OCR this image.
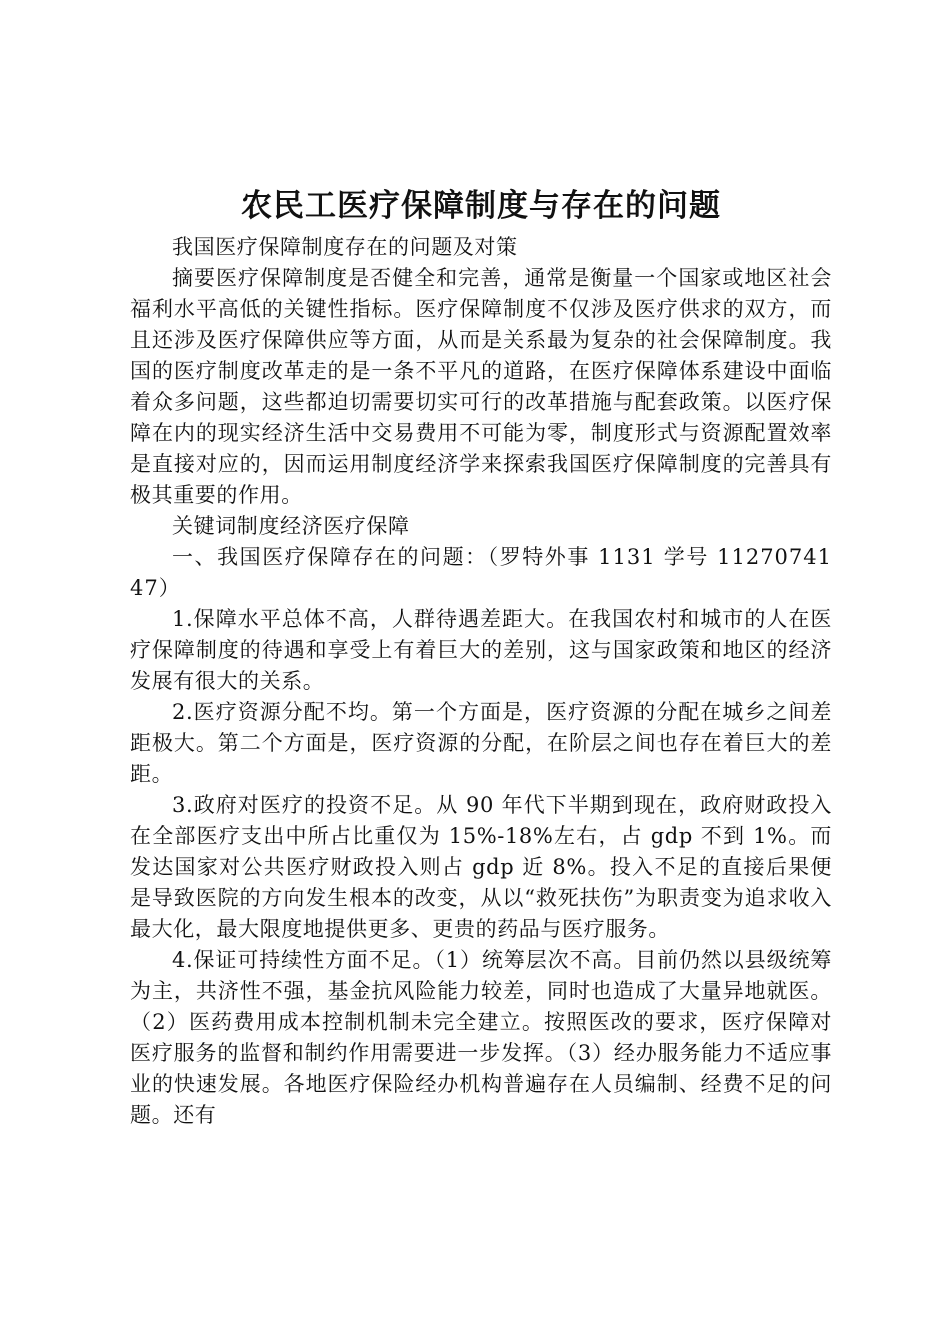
农民工医疗保障制度与存在的问题

我国医疗保障制度存在的问题及对策

摘要医疗保障制度是否健全和完善，通常是衡量一个国家或地区社会福利水平高低的关键性指标。医疗保障制度不仅涉及医疗供求的双方，而且还涉及医疗保障供应等方面，从而是关系最为复杂的社会保障制度。我国的医疗制度改革走的是一条不平凡的道路，在医疗保障体系建设中面临着众多问题，这些都迫切需要切实可行的改革措施与配套政策。以医疗保障在内的现实经济生活中交易费用不可能为零，制度形式与资源配置效率是直接对应的，因而运用制度经济学来探索我国医疗保障制度的完善具有极其重要的作用。

关键词制度经济医疗保障

一、我国医疗保障存在的问题：（罗特外事 1131 学号 1127074147）

1.保障水平总体不高，人群待遇差距大。在我国农村和城市的人在医疗保障制度的待遇和享受上有着巨大的差别，这与国家政策和地区的经济发展有很大的关系。

2.医疗资源分配不均。第一个方面是，医疗资源的分配在城乡之间差距极大。第二个方面是，医疗资源的分配，在阶层之间也存在着巨大的差距。

3.政府对医疗的投资不足。从 90 年代下半期到现在，政府财政投入在全部医疗支出中所占比重仅为 15%-18%左右，占 gdp 不到 1%。而发达国家对公共医疗财政投入则占 gdp 近 8%。投入不足的直接后果便是导致医院的方向发生根本的改变，从以“救死扶伤”为职责变为追求收入最大化，最大限度地提供更多、更贵的药品与医疗服务。

4.保证可持续性方面不足。（1）统筹层次不高。目前仍然以县级统筹为主，共济性不强，基金抗风险能力较差，同时也造成了大量异地就医。（2）医药费用成本控制机制未完全建立。按照医改的要求，医疗保障对医疗服务的监督和制约作用需要进一步发挥。（3）经办服务能力不适应事业的快速发展。各地医疗保险经办机构普遍存在人员编制、经费不足的问题。还有
